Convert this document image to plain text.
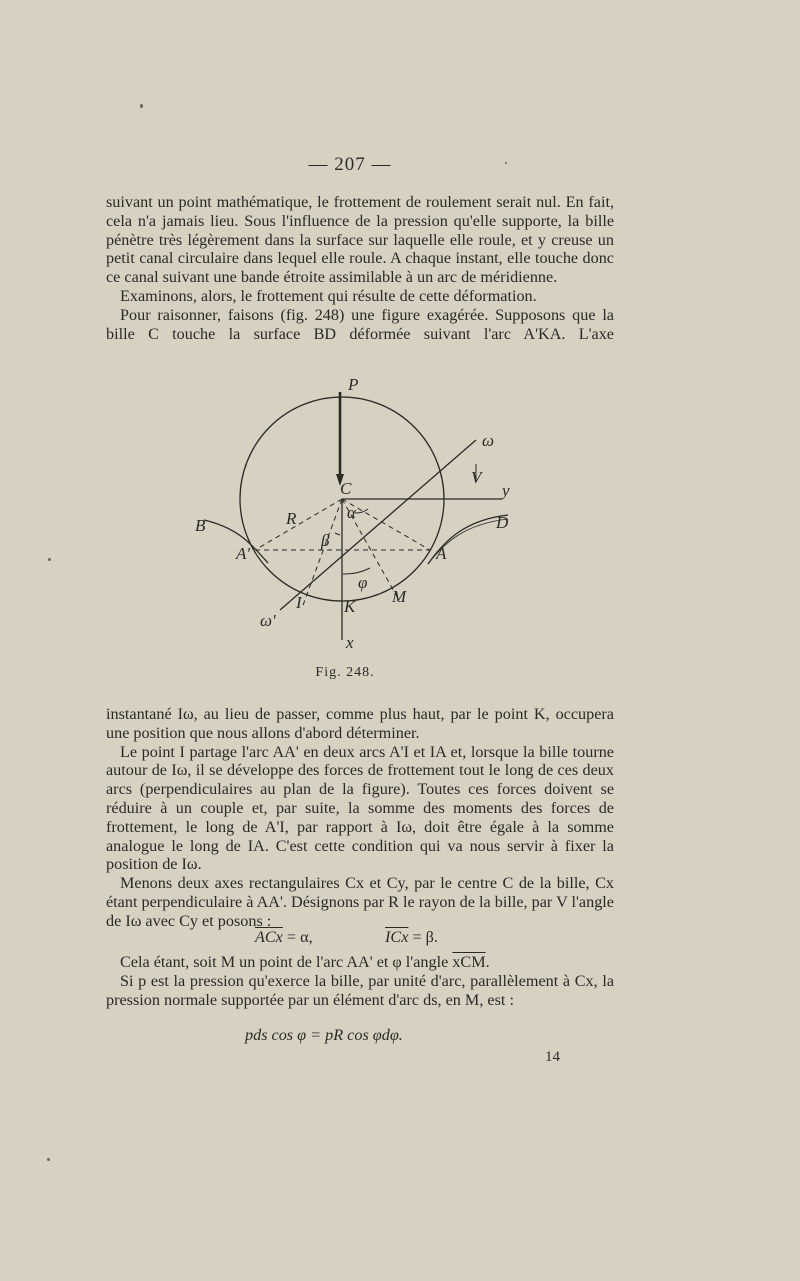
— 207 —

suivant un point mathématique, le frottement de roulement serait nul. En fait, cela n'a jamais lieu. Sous l'influence de la pression qu'elle supporte, la bille pénètre très légèrement dans la surface sur laquelle elle roule, et y creuse un petit canal circulaire dans lequel elle roule. A chaque instant, elle touche donc ce canal suivant une bande étroite assimilable à un arc de méridienne.

Examinons, alors, le frottement qui résulte de cette déformation.

Pour raisonner, faisons (fig. 248) une figure exagérée. Supposons que la bille C touche la surface BD déformée suivant l'arc A'KA. L'axe

P
ω
V
y
C
B	D
R	α
β
A'	A
φ
I K
M
ω'
x
Fig. 248.

instantané Iω, au lieu de passer, comme plus haut, par le point K, occupera une position que nous allons d'abord déterminer.

Le point I partage l'arc AA' en deux arcs A'I et IA et, lorsque la bille tourne autour de Iω, il se développe des forces de frottement tout le long de ces deux arcs (perpendiculaires au plan de la figure). Toutes ces forces doivent se réduire à un couple et, par suite, la somme des moments des forces de frottement, le long de A'I, par rapport à Iω, doit être égale à la somme analogue le long de IA. C'est cette condition qui va nous servir à fixer la position de Iω.

Menons deux axes rectangulaires Cx et Cy, par le centre C de la bille, Cx étant perpendiculaire à AA'. Désignons par R le rayon de la bille, par V l'angle de Iω avec Cy et posons :

$\overline{ACx} = \alpha$,	$\overline{ICx} = \beta$.

Cela étant, soit M un point de l'arc AA' et φ l'angle $\overline{xCM}$.

Si p est la pression qu'exerce la bille, par unité d'arc, parallèlement à Cx, la pression normale supportée par un élément d'arc ds, en M, est :

pds cos φ = pR cos φdφ.
14
